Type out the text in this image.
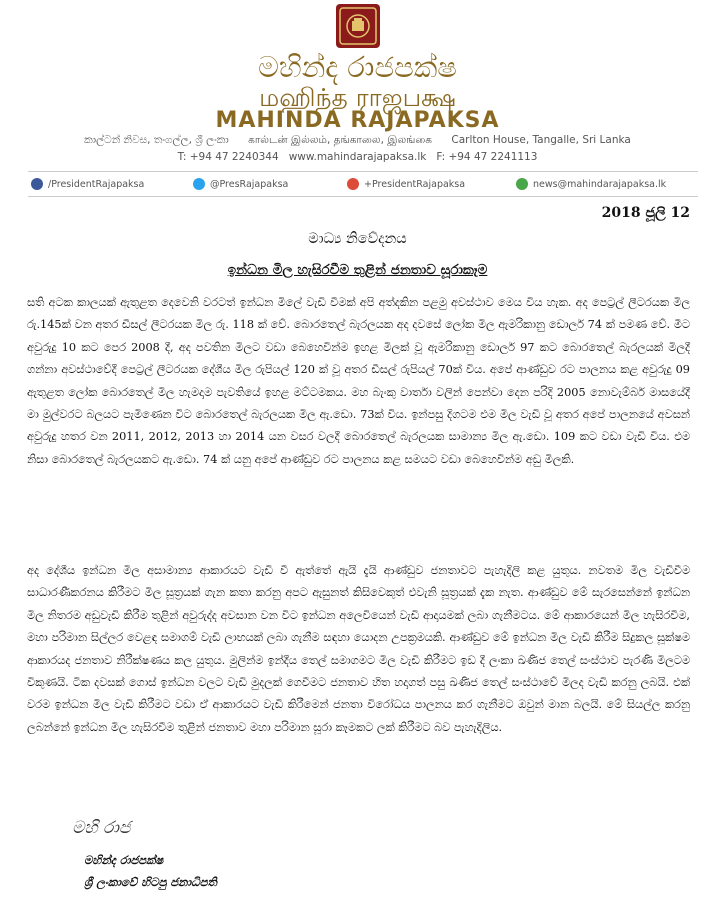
මහින්ද රාජපක්ෂ
மஹிந்த ராஜபக்ஷ
MAHINDA RAJAPAKSA
කාල්ටන් නිවස, තංගල්ල, ශ්‍රී ලංකා கால்டன் இல்லம், தங்காலை, இலங்கை Carlton House, Tangalle, Sri Lanka
T: +94 47 2240344 www.mahindarajapaksa.lk F: +94 47 2241113
/PresidentRajapaksa	@PresRajapaksa	+PresidentRajapaksa	news@mahindarajapaksa.lk
2018 ජූලි 12
මාධ්‍ය නිවේදනය
ඉන්ධන මිල හැසිරවීම තුළින් ජනතාව සූරාකෑම
සති අටක කාලයක් ඇතුළත දෙවෙනි වරටත් ඉන්ධන මිලේ වැඩි වීමක් අපි අත්දකින පළමු අවස්ථාව මෙය විය හැක. අද පෙට්‍රල් ලීටරයක මිල රු.145ක් වන අතර ඩීසල් ලීටරයක මිල රු. 118 ක් වේ. බොරතෙල් බැරලයක අද දවසේ ලෝක මිල ඇමරිකානු ඩොලර් 74 ක් පමණ වේ. මීට අවුරුදු 10 කට පෙර 2008 දී, අද පවතින මිලට වඩා බෙහෙවින්ම ඉහළ මිලක් වූ ඇමරිකානු ඩොලර් 97 කට බොරතෙල් බැරලයක් මිලදී ගන්නා අවස්ථාවේදී පෙට්‍රල් ලීටරයක දේශීය මිල රුපියල් 120 ක් වූ අතර ඩීසල් රුපියල් 70ක් විය. අපේ ආණ්ඩුව රට පාලනය කළ අවුරුදු 09 ඇතුළත ලෝක බොරතෙල් මිල හැමදාම පැවතියේ ඉහළ මට්ටමකය. මහ බැංකු වාර්තා වලින් පෙන්වා දෙන පරිදි 2005 නොවැම්බර් මාසයේදී මා මුල්වරට බලයට පැමිණෙන විට බොරතෙල් බැරලයක මිල ඇ.ඩො. 73ක් විය. ඉන්පසු දිගටම එම මිල වැඩි වූ අතර අපේ පාලනයේ අවසන් අවුරුදු හතර වන 2011, 2012, 2013 හා 2014 යන වසර වලදී බොරතෙල් බැරලයක සාමාන්‍ය මිල ඇ.ඩො. 109 කට වඩා වැඩි විය. එම නිසා බොරතෙල් බැරලයකට ඇ.ඩො. 74 ක් යනු අපේ ආණ්ඩුව රට පාලනය කළ සමයට වඩා බෙහෙවින්ම අඩු මිලකි.
අද දේශීය ඉන්ධන මිල අසාමාන්‍ය ආකාරයට වැඩි වී ඇත්තේ ඇයි දැයි ආණ්ඩුව ජනතාවට පැහැදිලි කළ යුතුය. නවතම මිල වැඩිවීම සාධාරණීකරනය කිරීමට මිල සූත්‍රයක් ගැන කතා කරනු අපට ඇසුනත් කිසිවෙකුත් එවැනි සූත්‍රයක් දැක නැත. ආණ්ඩුව මේ සැරසෙන්නේ ඉන්ධන මිල නිතරම අඩුවැඩි කිරීම තුළින් අවුරුද්ද අවසාන වන විට ඉන්ධන අලෙවියෙන් වැඩි ආදායමක් ලබා ගැනීමටය. මේ ආකාරයෙන් මිල හැසිරවීම, මහා පරිමාන සිල්ලර වෙළඳ සමාගම් වැඩි ලාභයක් ලබා ගැනීම සඳහා යොදන උපක්‍රමයකි. ආණ්ඩුව මේ ඉන්ධන මිල වැඩි කිරීම සිදුකල සූක්ෂම ආකාරයද ජනතාව නිරීක්ෂණය කල යුතුය. මුලින්ම ඉන්දීය තෙල් සමාගමට මිල වැඩි කිරීමට ඉඩ දී ලංකා ඛණිජ තෙල් සංස්ථාව පැරණි මිලටම විකුණයි. ටික දවසක් ගොස් ඉන්ධන වලට වැඩි මුදලක් ගෙවීමට ජනතාව හිත හදාගත් පසු ඛණිජ තෙල් සංස්ථාවේ මිලද වැඩි කරනු ලබයි. එක් වරම ඉන්ධන මිල වැඩි කිරීමට වඩා ඒ ආකාරයට වැඩි කිරීමෙන් ජනතා විරෝධය පාලනය කර ගැනීමට ඔවුන් මාන බලයි. මේ සියල්ල කරනු ලබන්නේ ඉන්ධන මිල හැසිරවීම තුළින් ජනතාව මහා පරිමාන සූරා කෑමකට ලක් කිරීමට බව පැහැදිලිය.
මහි රාජ
මහින්ද රාජපක්ෂ
ශ්‍රී ලංකාවේ හිටපු ජනාධිපති
